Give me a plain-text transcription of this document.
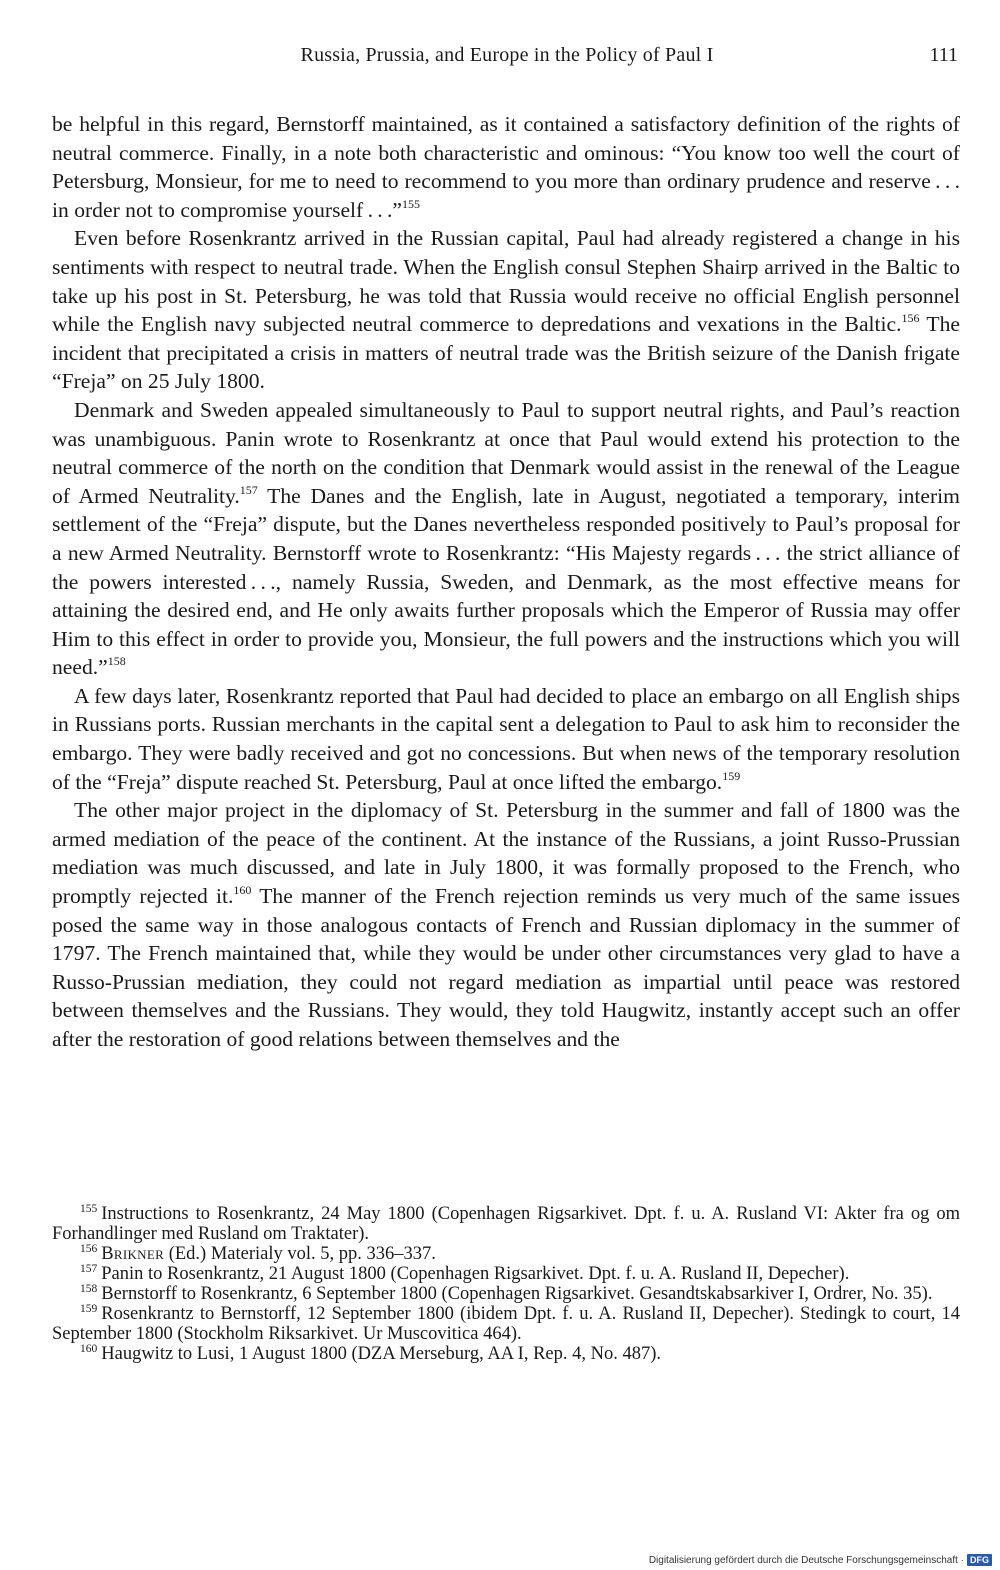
Russia, Prussia, and Europe in the Policy of Paul I	111

be helpful in this regard, Bernstorff maintained, as it contained a satisfactory definition of the rights of neutral commerce. Finally, in a note both characteristic and ominous: “You know too well the court of Petersburg, Monsieur, for me to need to recommend to you more than ordinary prudence and reserve . . . in order not to compromise yourself . . .”$^{155}$

Even before Rosenkrantz arrived in the Russian capital, Paul had already registered a change in his sentiments with respect to neutral trade. When the English consul Stephen Shairp arrived in the Baltic to take up his post in St. Petersburg, he was told that Russia would receive no official English personnel while the English navy subjected neutral commerce to depredations and vexations in the Baltic.$^{156}$ The incident that precipitated a crisis in matters of neutral trade was the British seizure of the Danish frigate “Freja” on 25 July 1800.

Denmark and Sweden appealed simultaneously to Paul to support neutral rights, and Paul’s reaction was unambiguous. Panin wrote to Rosenkrantz at once that Paul would extend his protection to the neutral commerce of the north on the condition that Denmark would assist in the renewal of the League of Armed Neutrality.$^{157}$ The Danes and the English, late in August, negotiated a temporary, interim settlement of the “Freja” dispute, but the Danes nevertheless responded positively to Paul’s proposal for a new Armed Neutrality. Bernstorff wrote to Rosenkrantz: “His Majesty regards . . . the strict alliance of the powers interested . . ., namely Russia, Sweden, and Denmark, as the most effective means for attaining the desired end, and He only awaits further proposals which the Emperor of Russia may offer Him to this effect in order to provide you, Monsieur, the full powers and the instructions which you will need.”$^{158}$

A few days later, Rosenkrantz reported that Paul had decided to place an embargo on all English ships in Russians ports. Russian merchants in the capital sent a delegation to Paul to ask him to reconsider the embargo. They were badly received and got no concessions. But when news of the temporary resolution of the “Freja” dispute reached St. Petersburg, Paul at once lifted the embargo.$^{159}$

The other major project in the diplomacy of St. Petersburg in the summer and fall of 1800 was the armed mediation of the peace of the continent. At the instance of the Russians, a joint Russo-Prussian mediation was much discussed, and late in July 1800, it was formally proposed to the French, who promptly rejected it.$^{160}$ The manner of the French rejection reminds us very much of the same issues posed the same way in those analogous contacts of French and Russian diplomacy in the summer of 1797. The French maintained that, while they would be under other circumstances very glad to have a Russo-Prussian mediation, they could not regard mediation as impartial until peace was restored between themselves and the Russians. They would, they told Haugwitz, instantly accept such an offer after the restoration of good relations between themselves and the

$^{155}$ Instructions to Rosenkrantz, 24 May 1800 (Copenhagen Rigsarkivet. Dpt. f. u. A. Rusland VI: Akter fra og om Forhandlinger med Rusland om Traktater).

$^{156}$ Brikner (Ed.) Materialy vol. 5, pp. 336–337.

$^{157}$ Panin to Rosenkrantz, 21 August 1800 (Copenhagen Rigsarkivet. Dpt. f. u. A. Rusland II, Depecher).

$^{158}$ Bernstorff to Rosenkrantz, 6 September 1800 (Copenhagen Rigsarkivet. Gesandtskabsarkiver I, Ordrer, No. 35).

$^{159}$ Rosenkrantz to Bernstorff, 12 September 1800 (ibidem Dpt. f. u. A. Rusland II, Depecher). Stedingk to court, 14 September 1800 (Stockholm Riksarkivet. Ur Muscovitica 464).

$^{160}$ Haugwitz to Lusi, 1 August 1800 (DZA Merseburg, AA I, Rep. 4, No. 487).

Digitalisierung gefördert durch die Deutsche Forschungsgemeinschaft · DFG
